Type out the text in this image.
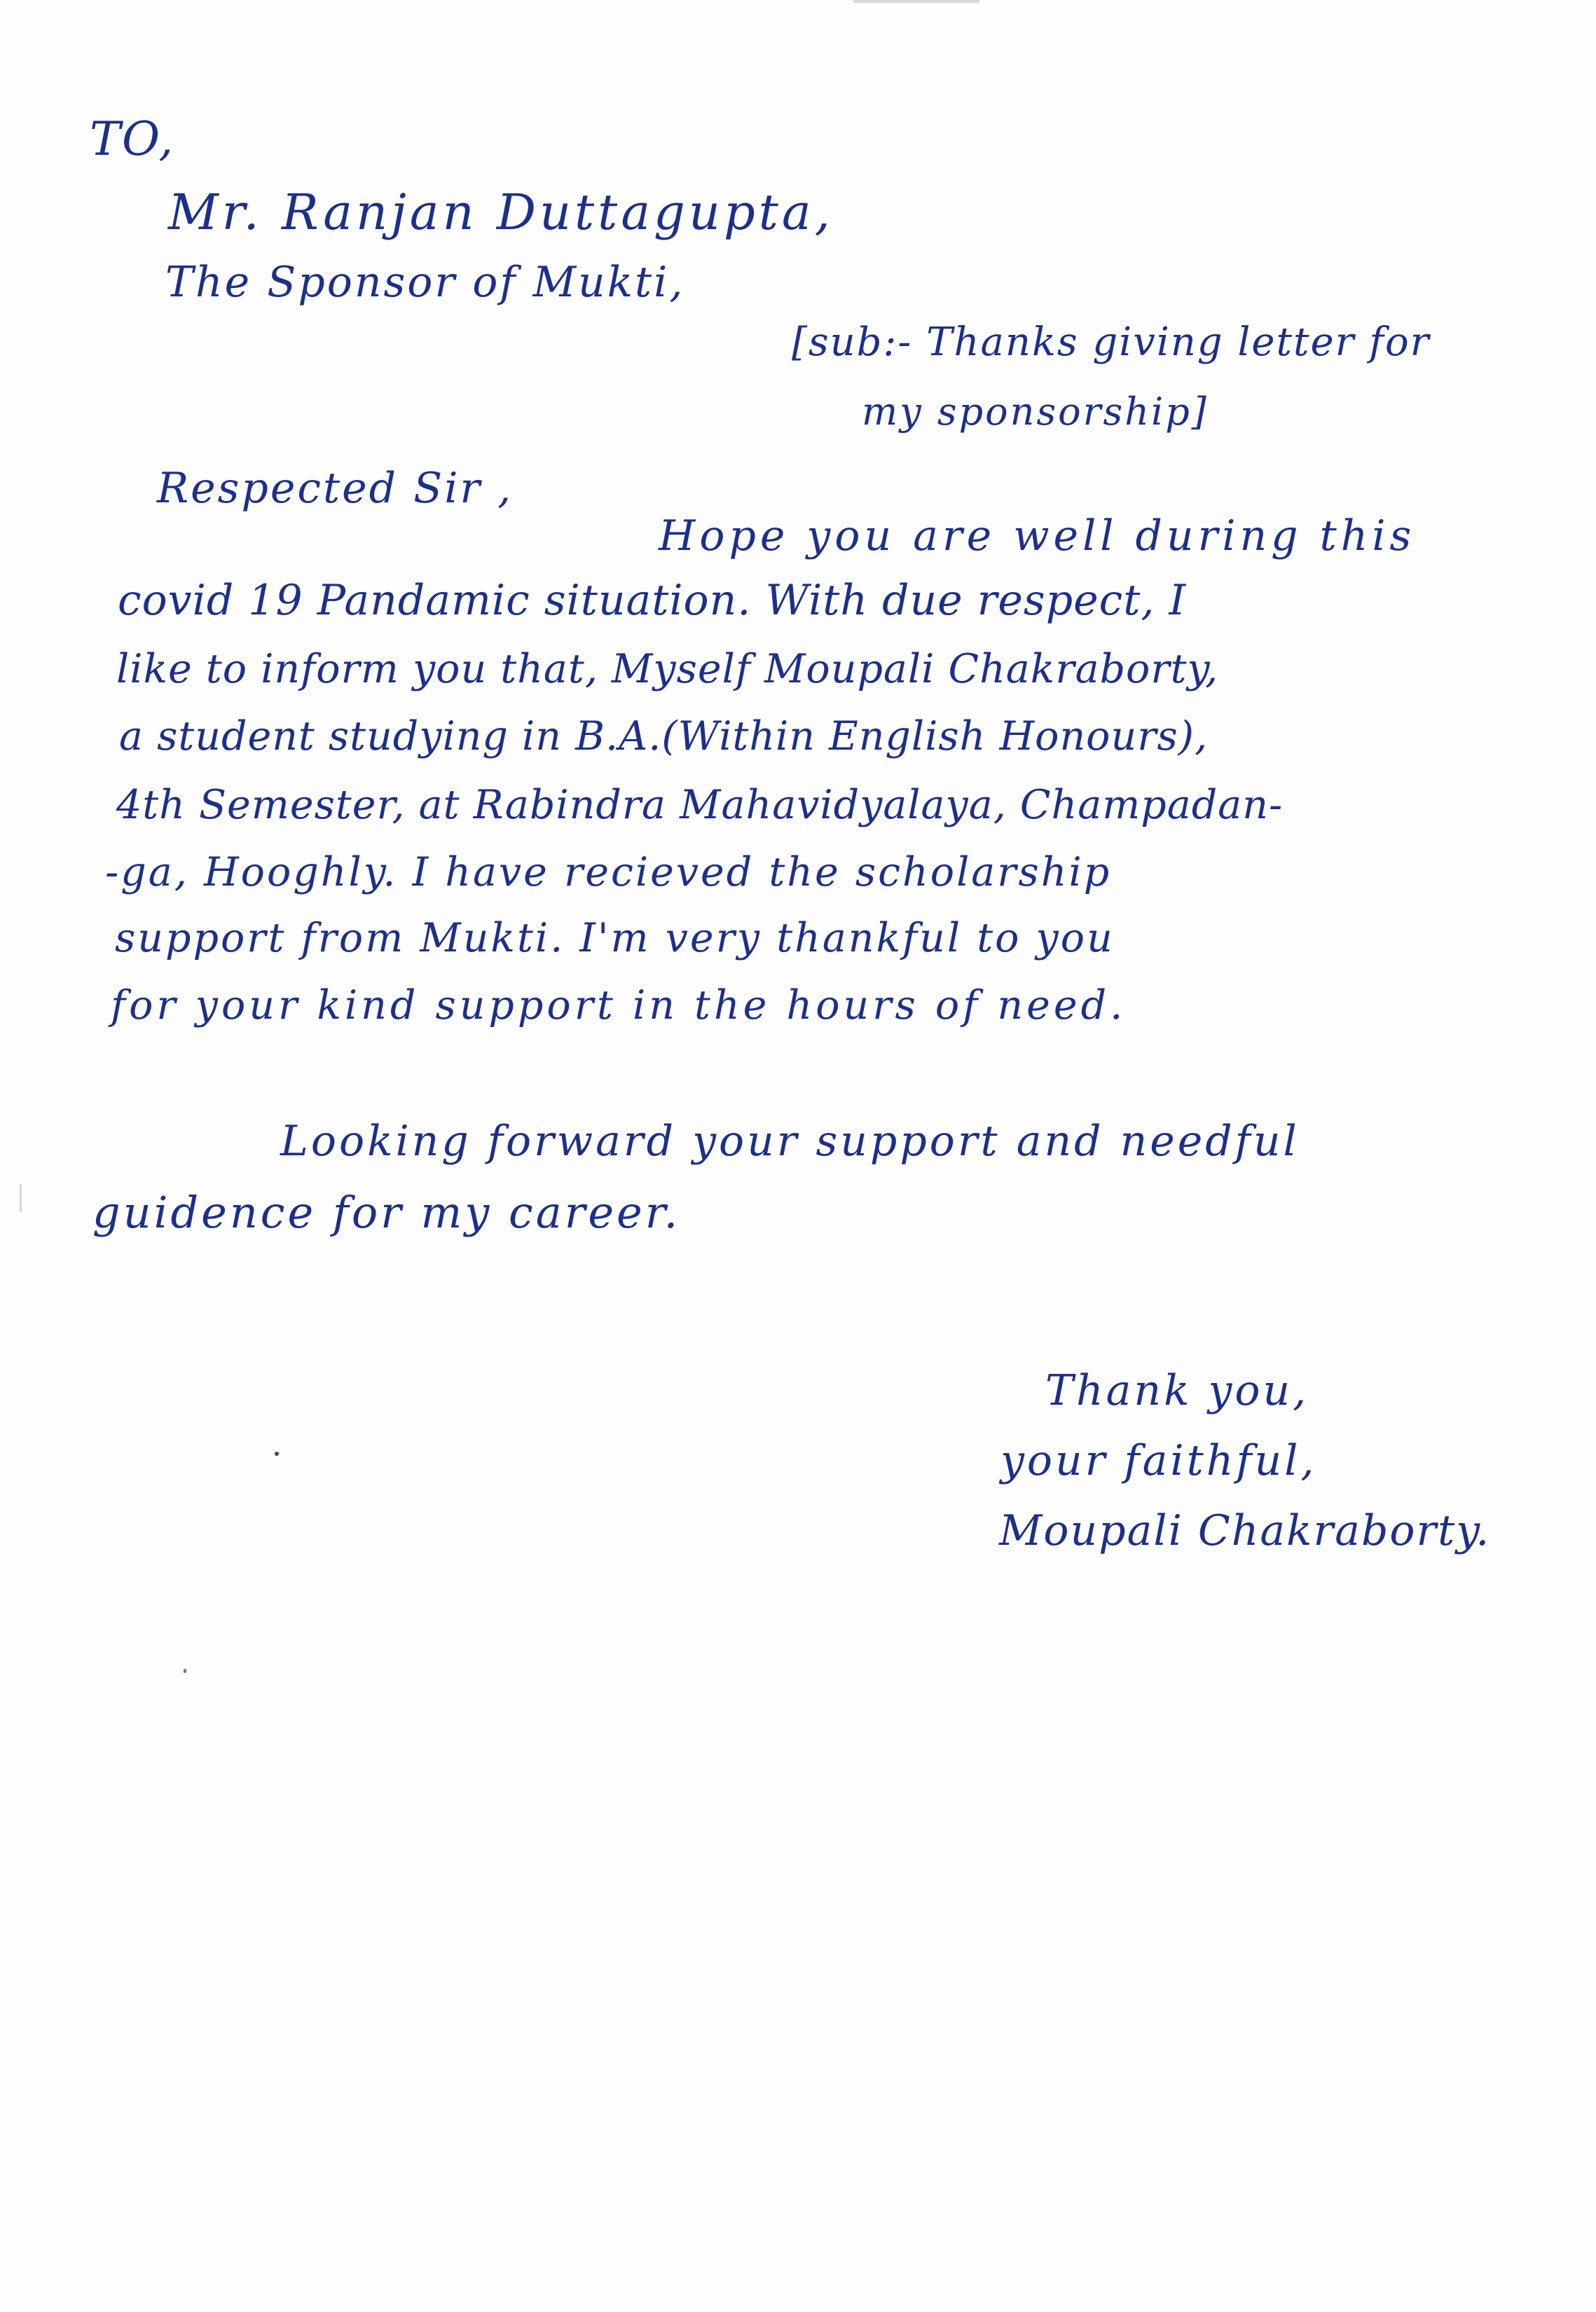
TO,
Mr. Ranjan Duttagupta,
The Sponsor of Mukti,
[sub:- Thanks giving letter for
my sponsorship]
Respected Sir ,
Hope you are well during this
covid 19 Pandamic situation. With due respect, I
like to inform you that, Myself Moupali Chakraborty,
a student studying in B.A.(Within English Honours),
4th Semester, at Rabindra Mahavidyalaya, Champadan-
-ga, Hooghly. I have recieved the scholarship
support from Mukti. I'm very thankful to you
for your kind support in the hours of need.
Looking forward your support and needful
guidence for my career.
Thank you,
your faithful,
Moupali Chakraborty.
